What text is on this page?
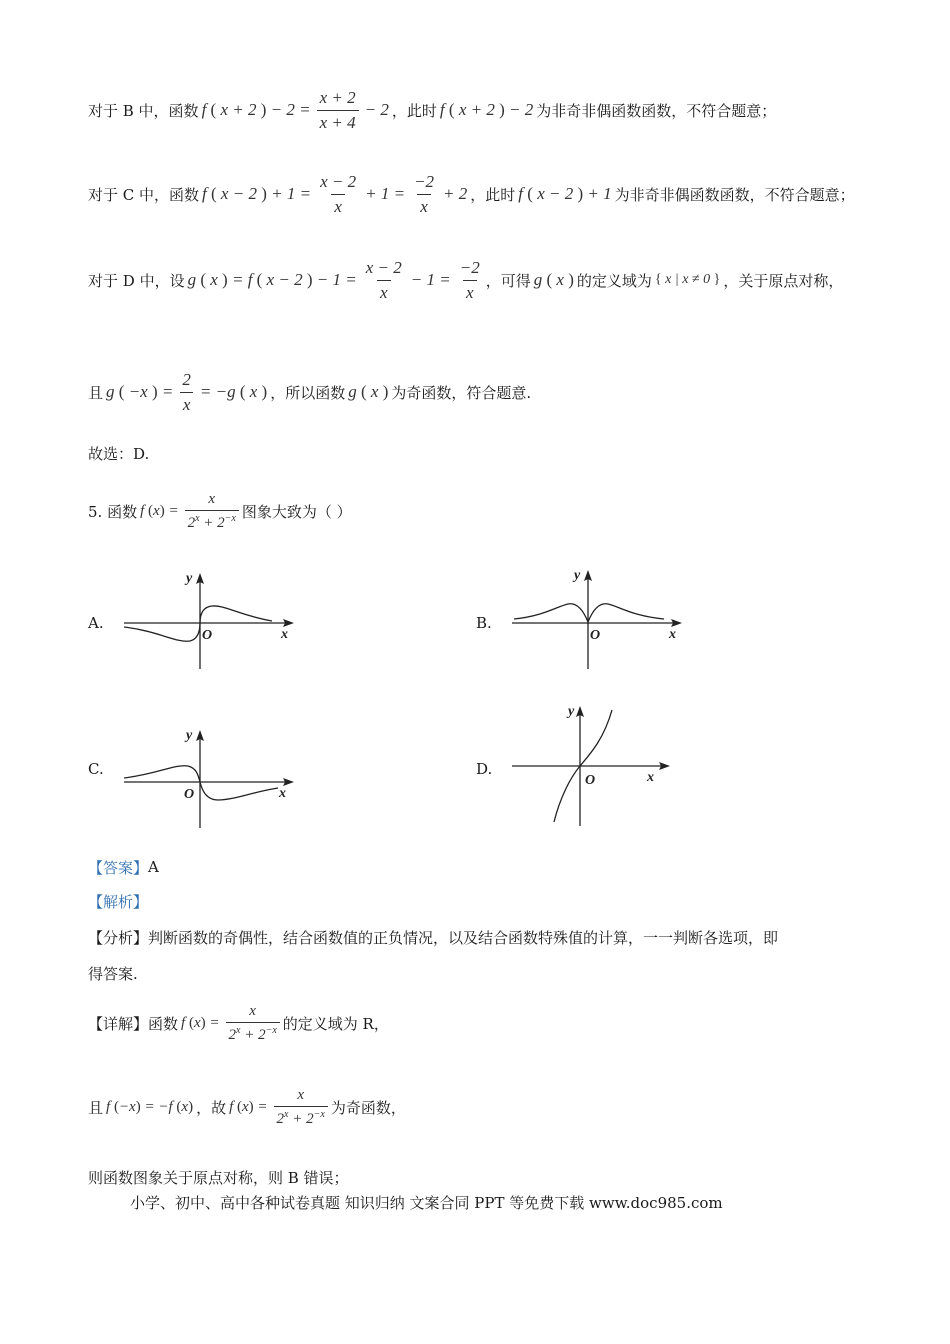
对于 B 中，函数 f ( x + 2 ) − $2 = \frac{x + 2}{x + 4} - 2$ ，此时 f ( x + 2 ) − 2 为非奇非偶函数函数，不符合题意；
对于 C 中，函数 f ( x − 2 ) + $1 = \frac{x - 2}{x} + 1 = \frac{-2}{x} + 2$ ，此时 f ( x − 2 ) + 1 为非奇非偶函数函数，不符合题意；
对于 D 中，设 g ( x ) = f ( x − 2 ) − $1 = \frac{x - 2}{x} - 1 = \frac{-2}{x}$ ，可得 g ( x ) 的定义域为 { x | x ≠ 0 } ，关于原点对称，
且 g ( −x ) = $\frac{2}{x} = -g$ ( x ) ，所以函数 g ( x ) 为奇函数，符合题意.
故选：D.
5. 函数 f $(x) = \frac{x}{2^x + 2^{-x}}$ 图象大致为（ ）
A.	B.
C.	D.
y
O	x
y
O	x
y
O	x
y
O	x
【答案】 A
【解析】
【分析】 判断函数的奇偶性，结合函数值的正负情况，以及结合函数特殊值的计算，一一判断各选项，即
得答案.
【详解】 函数 f $(x) = \frac{x}{2^x + 2^{-x}}$ 的定义域为 R，
且 f (−x) = −f (x) ，故 f $(x) = \frac{x}{2^x + 2^{-x}}$ 为奇函数，
则函数图象关于原点对称，则 B 错误；
小学、初中、高中各种试卷真题 知识归纳 文案合同 PPT 等免费下载 www.doc985.com
